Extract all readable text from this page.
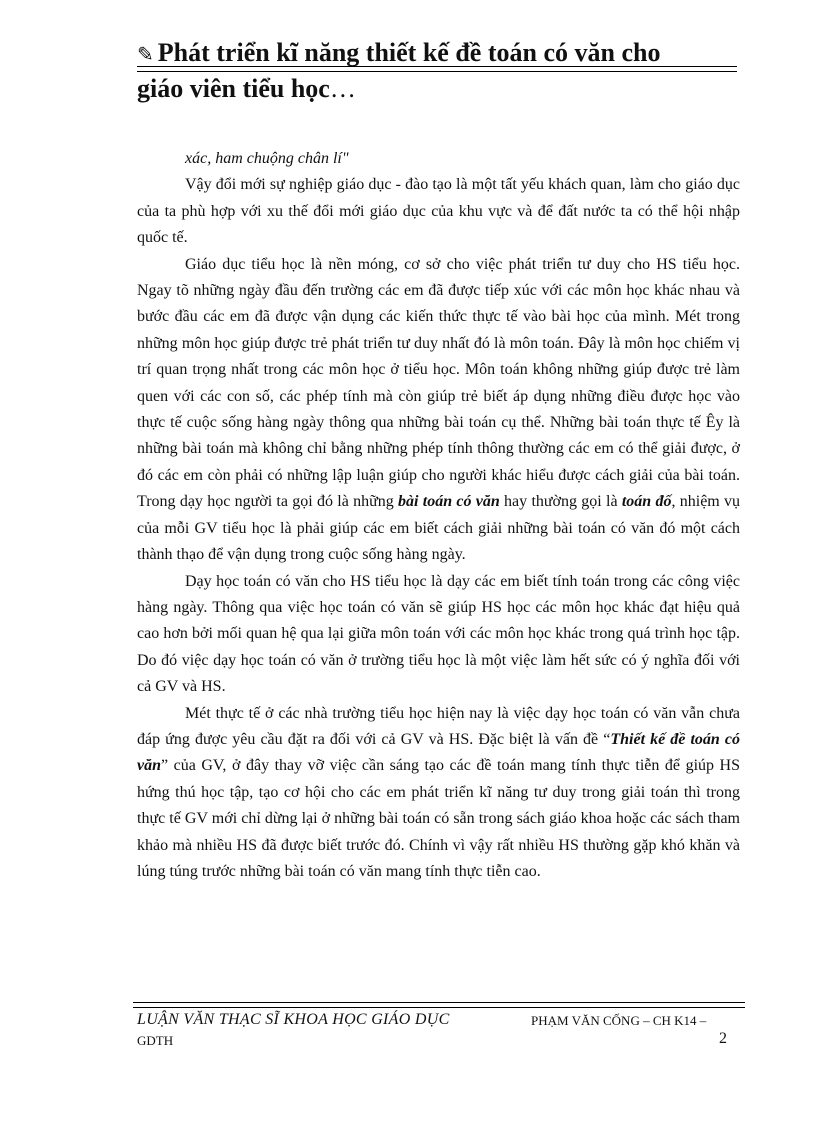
✎ Phát triển kĩ năng thiết kế đề toán có văn cho
giáo viên tiểu học…

xác, ham chuộng chân lí"

Vậy đổi mới sự nghiệp giáo dục - đào tạo là một tất yếu khách quan, làm cho giáo dục của ta phù hợp với xu thế đổi mới giáo dục của khu vực và để đất nước ta có thể hội nhập quốc tế.

Giáo dục tiểu học là nền móng, cơ sở cho việc phát triển tư duy cho HS tiểu học. Ngay tõ những ngày đầu đến trường các em đã được tiếp xúc với các môn học khác nhau và bước đầu các em đã được vận dụng các kiến thức thực tế vào bài học của mình. Mét trong những môn học giúp được trẻ phát triển tư duy nhất đó là môn toán. Đây là môn học chiếm vị trí quan trọng nhất trong các môn học ở tiểu học. Môn toán không những giúp được trẻ làm quen với các con số, các phép tính mà còn giúp trẻ biết áp dụng những điều được học vào thực tế cuộc sống hàng ngày thông qua những bài toán cụ thể. Những bài toán thực tế Êy là những bài toán mà không chỉ bằng những phép tính thông thường các em có thể giải được, ở đó các em còn phải có những lập luận giúp cho người khác hiểu được cách giải của bài toán. Trong dạy học người ta gọi đó là những bài toán có văn hay thường gọi là toán đố, nhiệm vụ của mỗi GV tiểu học là phải giúp các em biết cách giải những bài toán có văn đó một cách thành thạo để vận dụng trong cuộc sống hàng ngày.

Dạy học toán có văn cho HS tiểu học là dạy các em biết tính toán trong các công việc hàng ngày. Thông qua việc học toán có văn sẽ giúp HS học các môn học khác đạt hiệu quả cao hơn bởi mối quan hệ qua lại giữa môn toán với các môn học khác trong quá trình học tập. Do đó việc dạy học toán có văn ở trường tiểu học là một việc làm hết sức có ý nghĩa đối với cả GV và HS.

Mét thực tế ở các nhà trường tiểu học hiện nay là việc dạy học toán có văn vẫn chưa đáp ứng được yêu cầu đặt ra đối với cả GV và HS. Đặc biệt là vấn đề “Thiết kế đề toán có văn” của GV, ở đây thay vỡ việc cần sáng tạo các đề toán mang tính thực tiễn để giúp HS hứng thú học tập, tạo cơ hội cho các em phát triển kĩ năng tư duy trong giải toán thì trong thực tế GV mới chỉ dừng lại ở những bài toán có sẵn trong sách giáo khoa hoặc các sách tham khảo mà nhiều HS đã được biết trước đó. Chính vì vậy rất nhiều HS thường gặp khó khăn và lúng túng trước những bài toán có văn mang tính thực tiễn cao.

LUẬN VĂN THẠC SĨ KHOA HỌC GIÁO DỤC	PHẠM VĂN CỐNG – CH K14 –
GDTH	2
